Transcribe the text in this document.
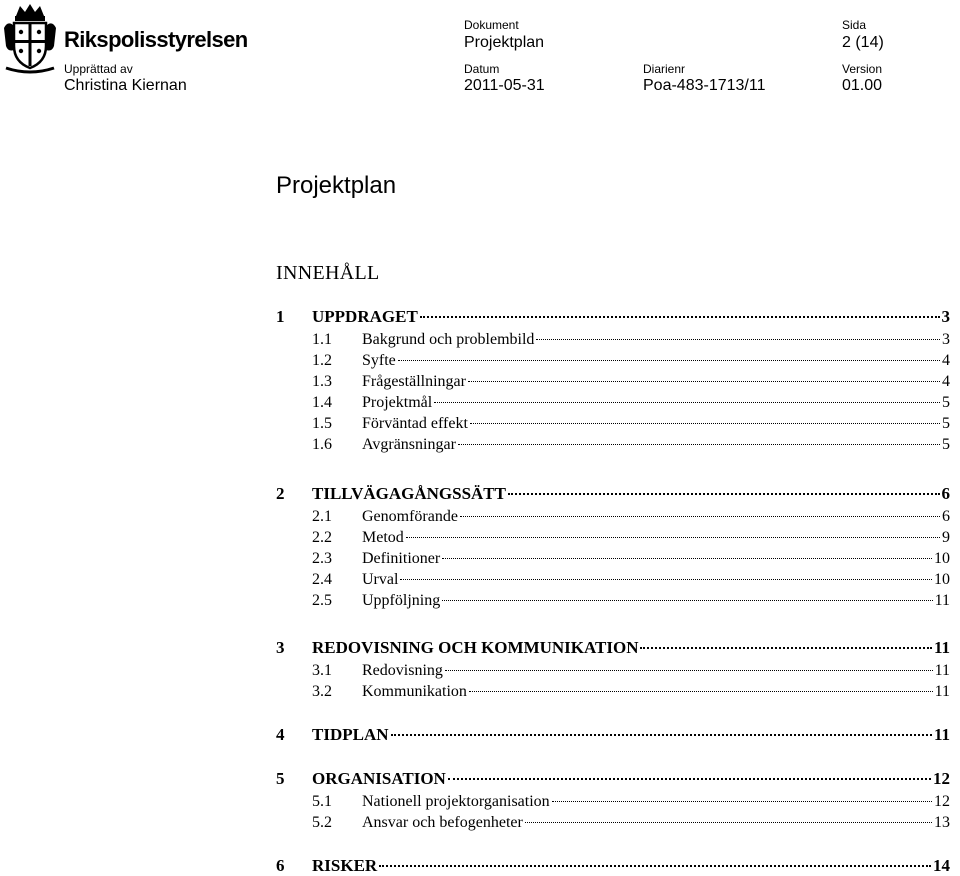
Rikspolisstyrelsen
Dokument
Projektplan
Sida
2 (14)
Upprättad av
Christina Kiernan
Datum
2011-05-31
Diarienr
Poa-483-1713/11
Version
01.00
Projektplan
INNEHÅLL
1	UPPDRAGET	3
1.1	Bakgrund och problembild	3
1.2	Syfte	4
1.3	Frågeställningar	4
1.4	Projektmål	5
1.5	Förväntad effekt	5
1.6	Avgränsningar	5
2	TILLVÄGAGÅNGSSÄTT	6
2.1	Genomförande	6
2.2	Metod	9
2.3	Definitioner	10
2.4	Urval	10
2.5	Uppföljning	11
3	REDOVISNING OCH KOMMUNIKATION	11
3.1	Redovisning	11
3.2	Kommunikation	11
4	TIDPLAN	11
5	ORGANISATION	12
5.1	Nationell projektorganisation	12
5.2	Ansvar och befogenheter	13
6	RISKER	14
